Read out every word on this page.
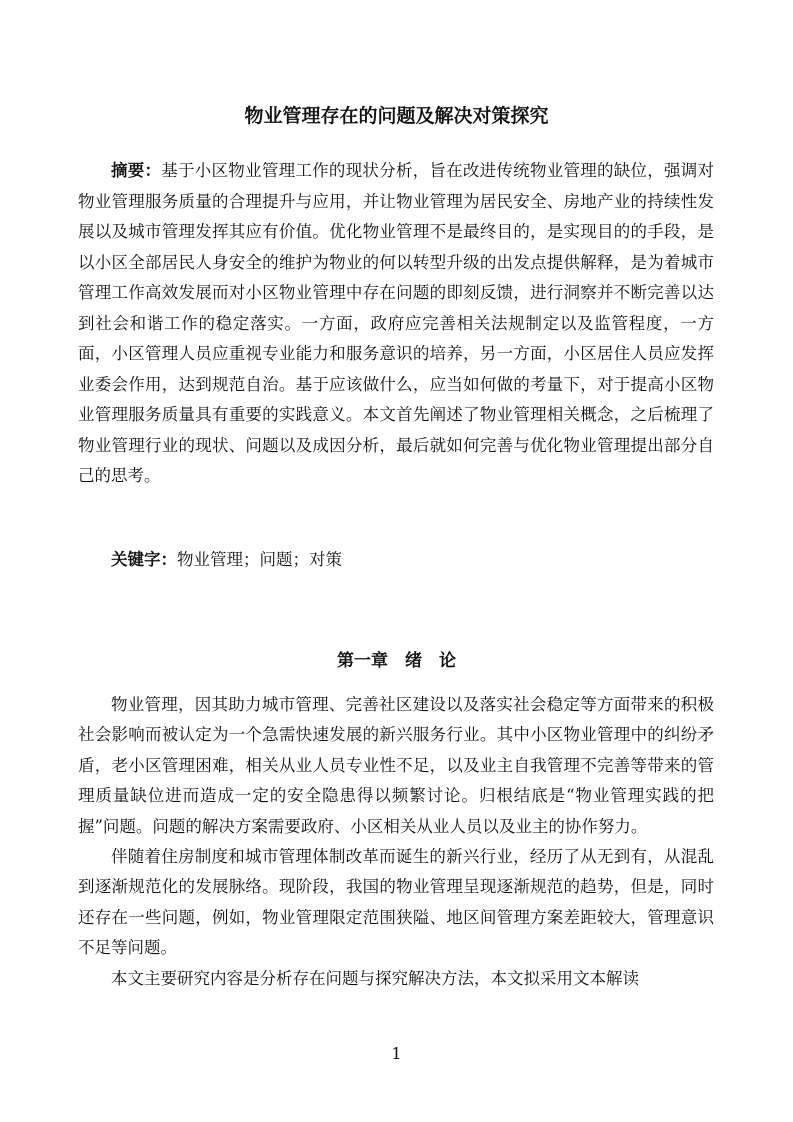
物业管理存在的问题及解决对策探究

摘要：基于小区物业管理工作的现状分析，旨在改进传统物业管理的缺位，强调对物业管理服务质量的合理提升与应用，并让物业管理为居民安全、房地产业的持续性发展以及城市管理发挥其应有价值。优化物业管理不是最终目的，是实现目的的手段，是以小区全部居民人身安全的维护为物业的何以转型升级的出发点提供解释，是为着城市管理工作高效发展而对小区物业管理中存在问题的即刻反馈，进行洞察并不断完善以达到社会和谐工作的稳定落实。一方面，政府应完善相关法规制定以及监管程度，一方面，小区管理人员应重视专业能力和服务意识的培养，另一方面，小区居住人员应发挥业委会作用，达到规范自治。基于应该做什么，应当如何做的考量下，对于提高小区物业管理服务质量具有重要的实践意义。本文首先阐述了物业管理相关概念，之后梳理了物业管理行业的现状、问题以及成因分析，最后就如何完善与优化物业管理提出部分自己的思考。

关键字：物业管理；问题；对策

第一章　绪　论

物业管理，因其助力城市管理、完善社区建设以及落实社会稳定等方面带来的积极社会影响而被认定为一个急需快速发展的新兴服务行业。其中小区物业管理中的纠纷矛盾，老小区管理困难，相关从业人员专业性不足，以及业主自我管理不完善等带来的管理质量缺位进而造成一定的安全隐患得以频繁讨论。归根结底是“物业管理实践的把握”问题。问题的解决方案需要政府、小区相关从业人员以及业主的协作努力。

伴随着住房制度和城市管理体制改革而诞生的新兴行业，经历了从无到有，从混乱到逐渐规范化的发展脉络。现阶段，我国的物业管理呈现逐渐规范的趋势，但是，同时还存在一些问题，例如，物业管理限定范围狭隘、地区间管理方案差距较大，管理意识不足等问题。

本文主要研究内容是分析存在问题与探究解决方法，本文拟采用文本解读

1
